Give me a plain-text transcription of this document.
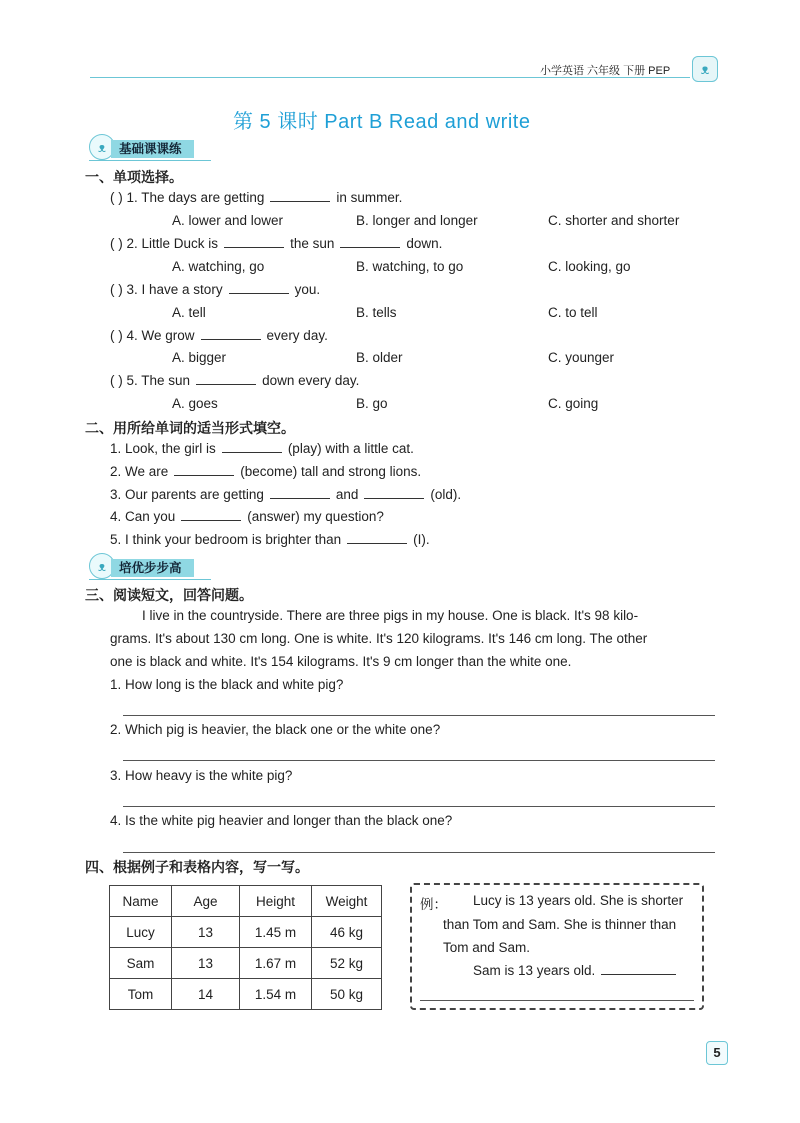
小学英语 六年级 下册 PEP	ᴥ
第 5 课时 Part B Read and write
ᴥ	基础课课练
一、单项选择。
( ) 1. The days are getting	in summer.
A. lower and lower	B. longer and longer	C. shorter and shorter
( ) 2. Little Duck is	the sun	down.
A. watching, go	B. watching, to go	C. looking, go
( ) 3. I have a story	you.
A. tell	B. tells	C. to tell
( ) 4. We grow	every day.
A. bigger	B. older	C. younger
( ) 5. The sun	down every day.
A. goes	B. go	C. going
二、用所给单词的适当形式填空。
1. Look, the girl is	(play) with a little cat.
2. We are	(become) tall and strong lions.
3. Our parents are getting	and	(old).
4. Can you	(answer) my question?
5. I think your bedroom is brighter than	(I).
ᴥ	培优步步高
三、阅读短文，回答问题。
I live in the countryside. There are three pigs in my house. One is black. It's 98 kilo-
grams. It's about 130 cm long. One is white. It's 120 kilograms. It's 146 cm long. The other
one is black and white. It's 154 kilograms. It's 9 cm longer than the white one.
1. How long is the black and white pig?
2. Which pig is heavier, the black one or the white one?
3. How heavy is the white pig?
4. Is the white pig heavier and longer than the black one?
四、根据例子和表格内容，写一写。
Name	Age	Height	Weight
Lucy	13	1.45 m	46 kg
Sam	13	1.67 m	52 kg
Tom	14	1.54 m	50 kg
例： Lucy is 13 years old. She is shorter
than Tom and Sam. She is thinner than
Tom and Sam.
Sam is 13 years old.
5
